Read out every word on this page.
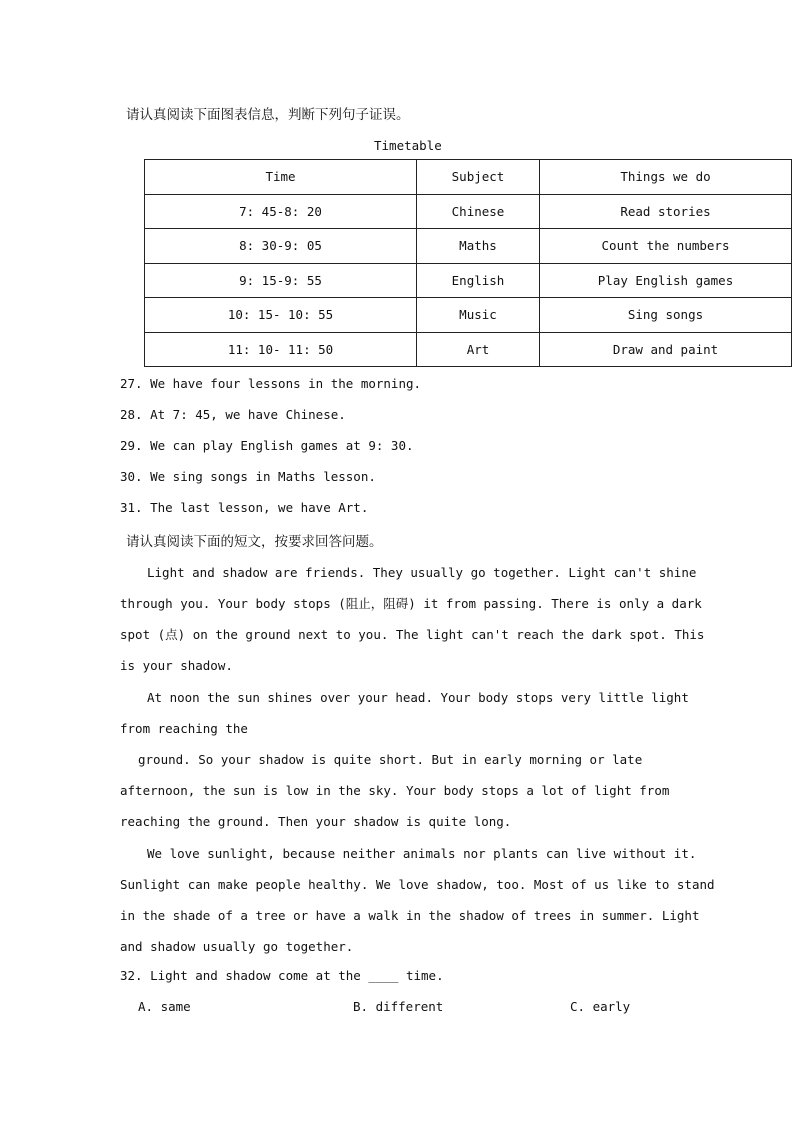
请认真阅读下面图表信息，判断下列句子证误。
Timetable
Time	Subject	Things we do
7: 45-8: 20	Chinese	Read stories
8: 30-9: 05	Maths	Count the numbers
9: 15-9: 55	English	Play English games
10: 15- 10: 55	Music	Sing songs
11: 10- 11: 50	Art	Draw and paint
27. We have four lessons in the morning.
28. At 7: 45, we have Chinese.
29. We can play English games at 9: 30.
30. We sing songs in Maths lesson.
31. The last lesson, we have Art.
请认真阅读下面的短文，按要求回答问题。
Light and shadow are friends. They usually go together. Light can't shine
through you. Your body stops (阻止，阻碍) it from passing. There is only a dark
spot (点) on the ground next to you. The light can't reach the dark spot. This
is your shadow.
At noon the sun shines over your head. Your body stops very little light
from reaching the
ground. So your shadow is quite short. But in early morning or late
afternoon, the sun is low in the sky. Your body stops a lot of light from
reaching the ground. Then your shadow is quite long.
We love sunlight, because neither animals nor plants can live without it.
Sunlight can make people healthy. We love shadow, too. Most of us like to stand
in the shade of a tree or have a walk in the shadow of trees in summer. Light
and shadow usually go together.
32. Light and shadow come at the ____ time.
A. same	B. different	C. early
